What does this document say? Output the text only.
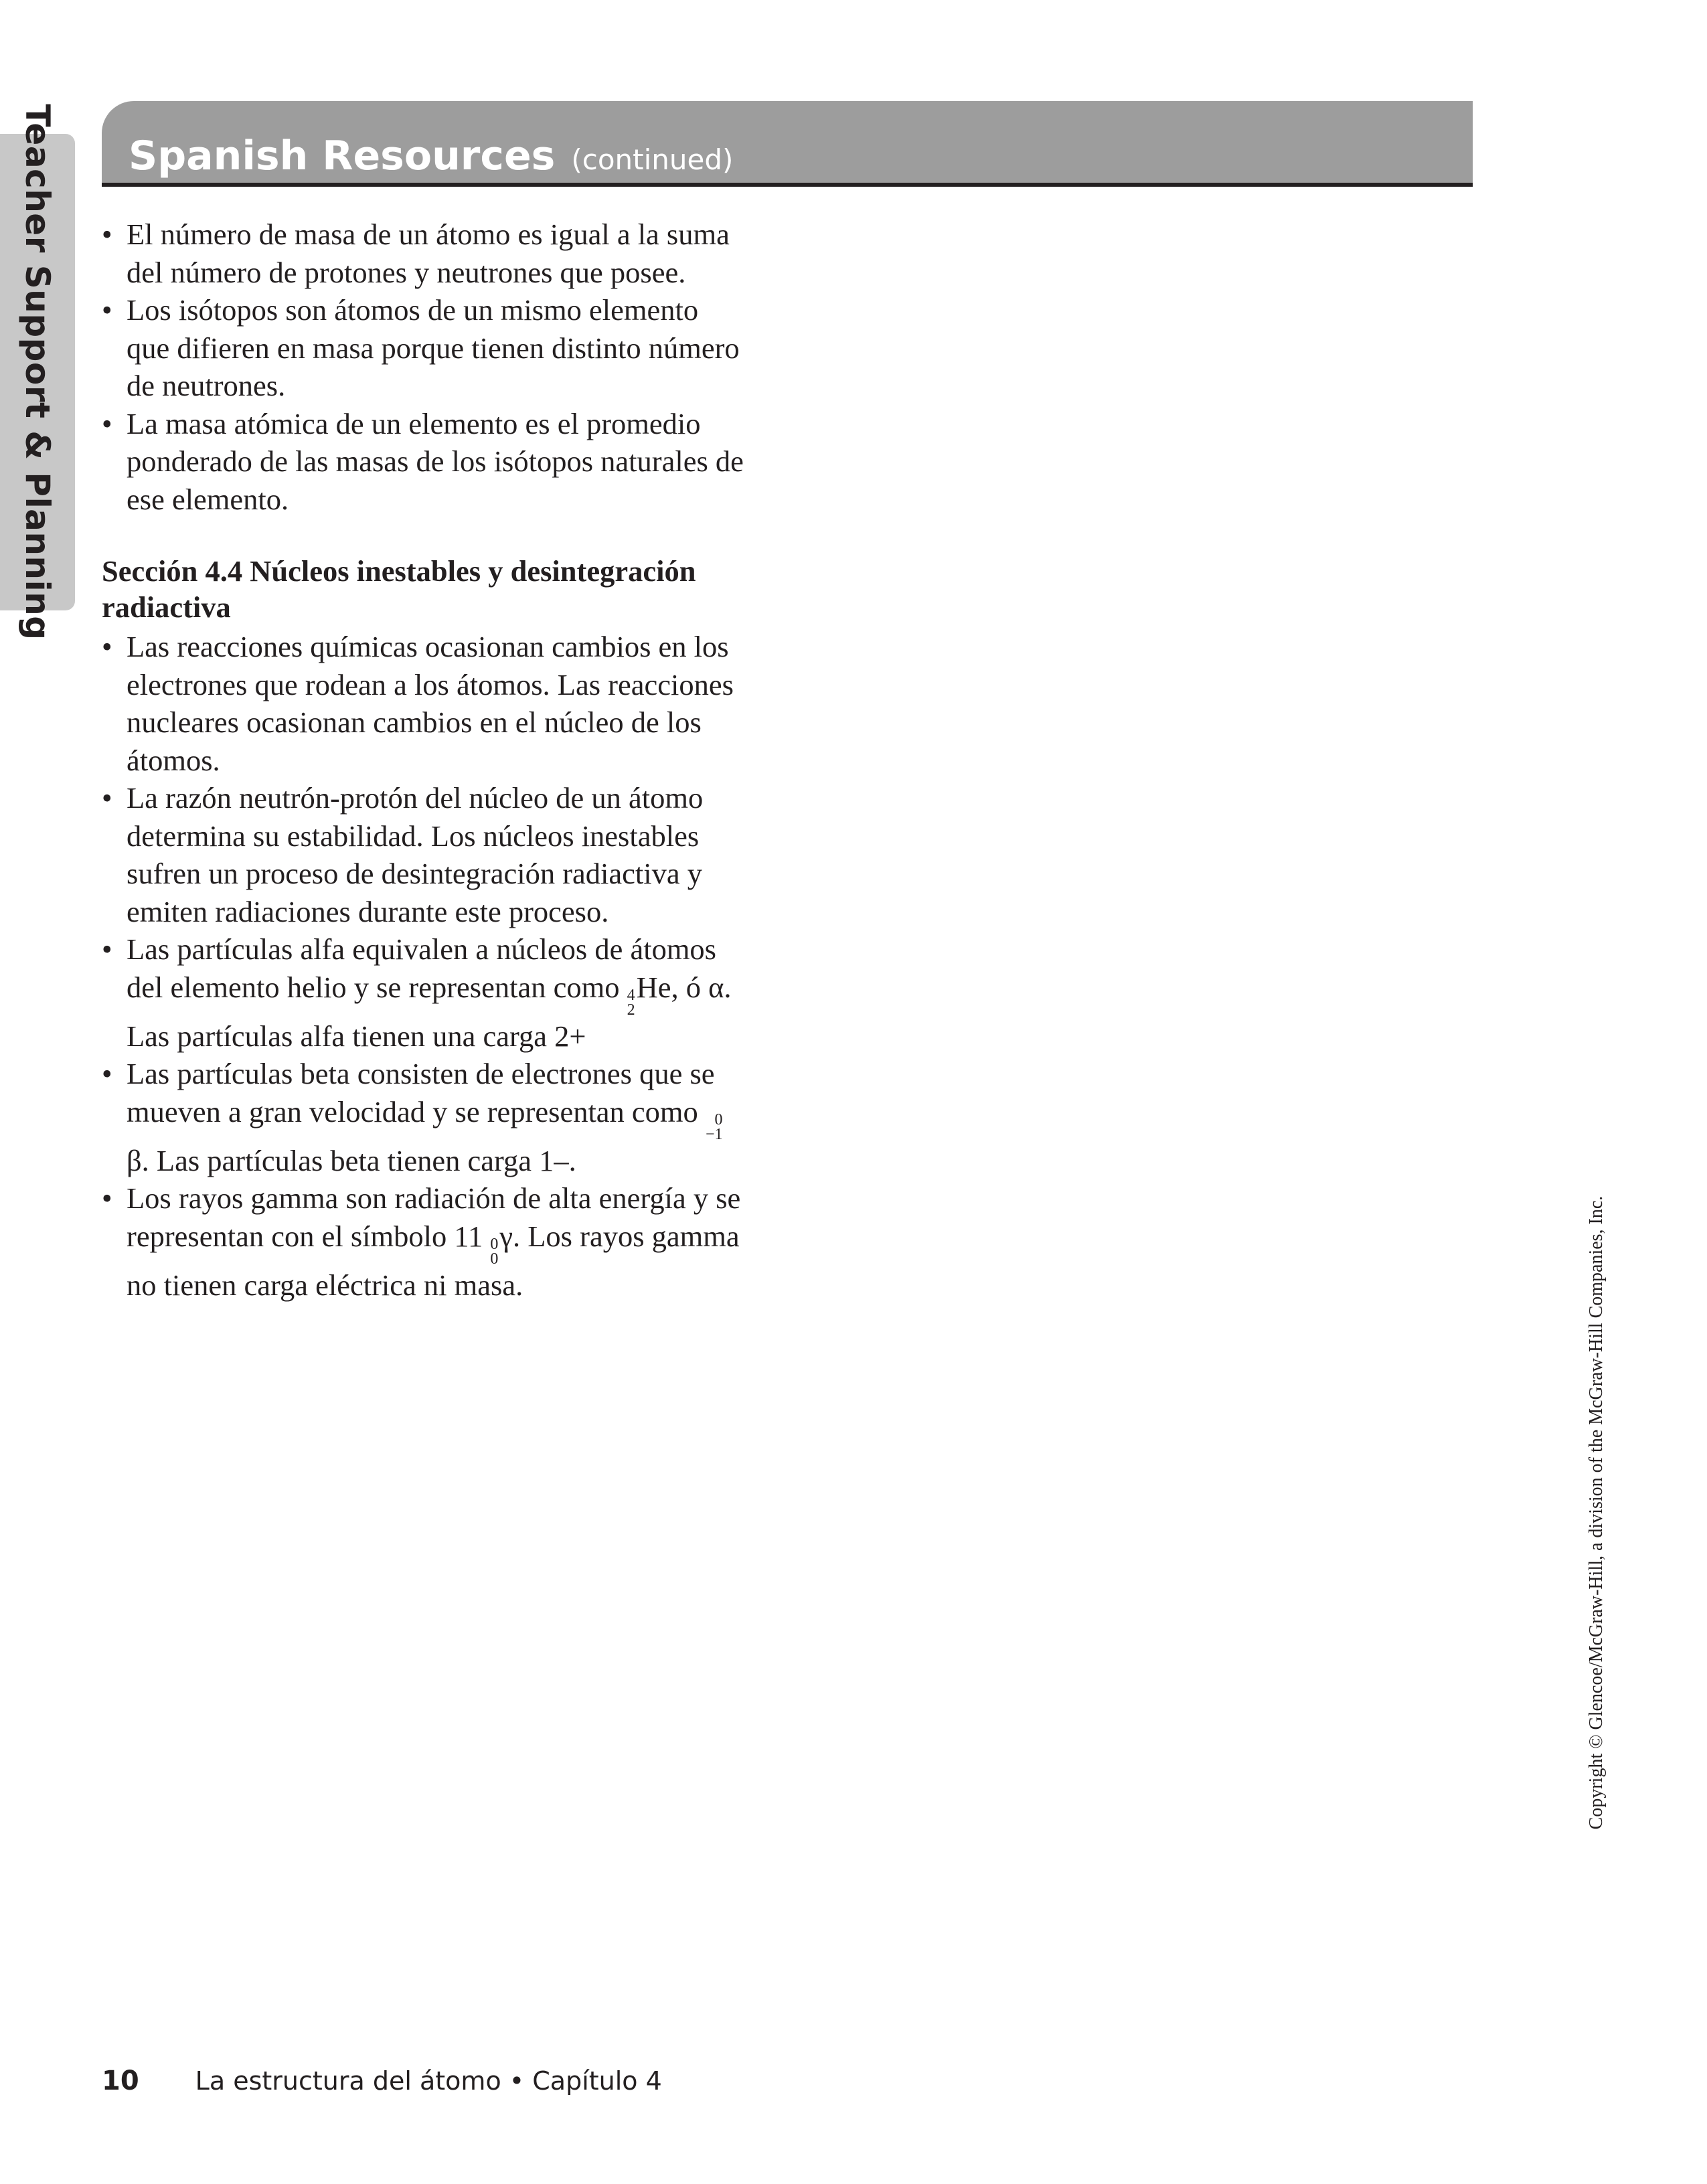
Teacher Support & Planning Spanish Resources (continued)
• El número de masa de un átomo es igual a la suma del número de protones y neutrones que posee.
• Los isótopos son átomos de un mismo elemento que difieren en masa porque tienen distinto número de neutrones.
• La masa atómica de un elemento es el promedio ponderado de las masas de los isótopos naturales de ese elemento.
Sección 4.4 Núcleos inestables y desintegración radiactiva
• Las reacciones químicas ocasionan cambios en los electrones que rodean a los átomos. Las reacciones nucleares ocasionan cambios en el núcleo de los átomos.
• La razón neutrón-protón del núcleo de un átomo determina su estabilidad. Los núcleos inestables sufren un proceso de desintegración radiactiva y emiten radiaciones durante este proceso.
• Las partículas alfa equivalen a núcleos de átomos del elemento helio y se representan como 4
2
He, ó α. Las partículas alfa tienen una carga 2+
• Las partículas beta consisten de electrones que se mueven a gran velocidad y se representan como 0
−1
β. Las partículas beta tienen carga 1–.
• Los rayos gamma son radiación de alta energía y se representan con el símbolo 11 0
0
γ. Los rayos gamma no tienen carga eléctrica ni masa.	Copyright © Glencoe/McGraw-Hill, a division of the McGraw-Hill Companies, Inc.
10 La estructura del átomo • Capítulo 4
